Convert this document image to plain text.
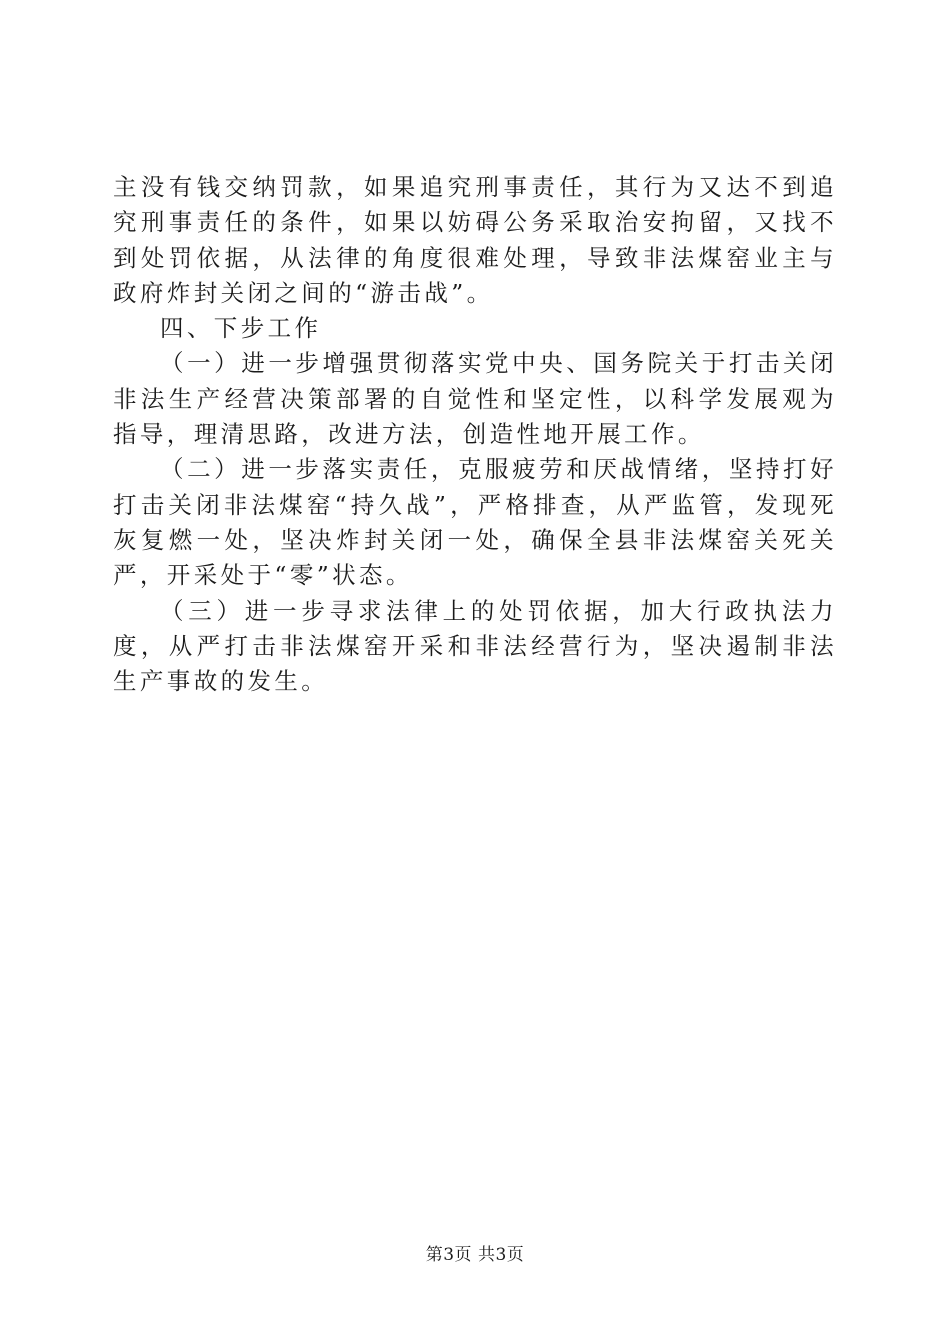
主没有钱交纳罚款，如果追究刑事责任，其行为又达不到追究刑事责任的条件，如果以妨碍公务采取治安拘留，又找不到处罚依据，从法律的角度很难处理，导致非法煤窑业主与政府炸封关闭之间的“游击战”。

四、下步工作

（一）进一步增强贯彻落实党中央、国务院关于打击关闭非法生产经营决策部署的自觉性和坚定性，以科学发展观为指导，理清思路，改进方法，创造性地开展工作。

（二）进一步落实责任，克服疲劳和厌战情绪，坚持打好打击关闭非法煤窑“持久战”，严格排查，从严监管，发现死灰复燃一处，坚决炸封关闭一处，确保全县非法煤窑关死关严，开采处于“零”状态。

（三）进一步寻求法律上的处罚依据，加大行政执法力度，从严打击非法煤窑开采和非法经营行为，坚决遏制非法生产事故的发生。

第3页 共3页
